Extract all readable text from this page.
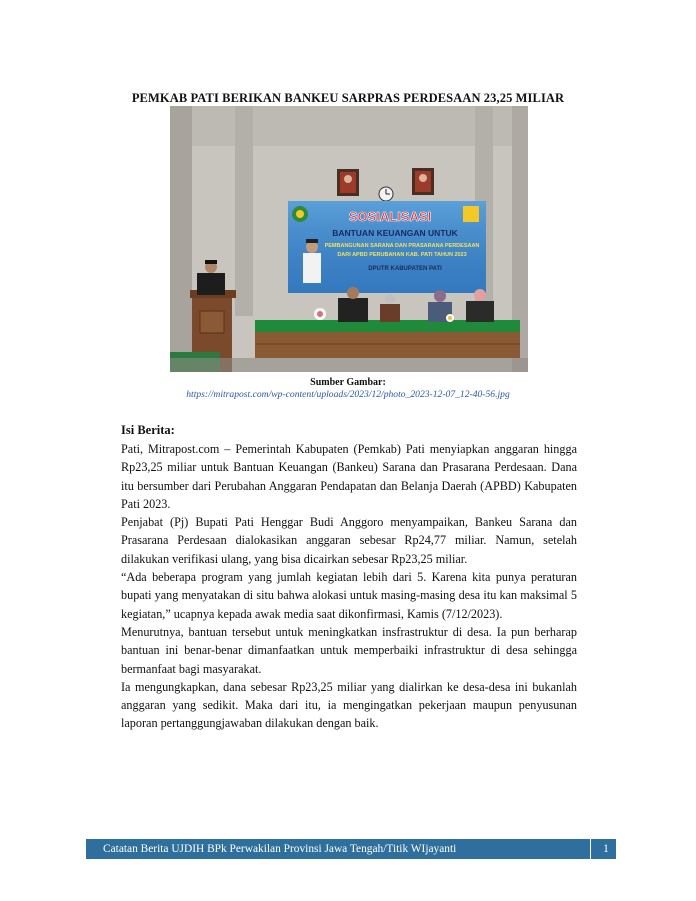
PEMKAB PATI BERIKAN BANKEU SARPRAS PERDESAAN 23,25 MILIAR
SOSIALISASI
BANTUAN KEUANGAN UNTUK
PEMBANGUNAN SARANA DAN PRASARANA PERDESAAN
DARI APBD PERUBAHAN KAB. PATI TAHUN 2023
DPUTR KABUPATEN PATI
Sumber Gambar:
https://mitrapost.com/wp-content/uploads/2023/12/photo_2023-12-07_12-40-56.jpg
Isi Berita:

Pati, Mitrapost.com – Pemerintah Kabupaten (Pemkab) Pati menyiapkan anggaran hingga Rp23,25 miliar untuk Bantuan Keuangan (Bankeu) Sarana dan Prasarana Perdesaan. Dana itu bersumber dari Perubahan Anggaran Pendapatan dan Belanja Daerah (APBD) Kabupaten Pati 2023.

Penjabat (Pj) Bupati Pati Henggar Budi Anggoro menyampaikan, Bankeu Sarana dan Prasarana Perdesaan dialokasikan anggaran sebesar Rp24,77 miliar. Namun, setelah dilakukan verifikasi ulang, yang bisa dicairkan sebesar Rp23,25 miliar.

“Ada beberapa program yang jumlah kegiatan lebih dari 5. Karena kita punya peraturan bupati yang menyatakan di situ bahwa alokasi untuk masing-masing desa itu kan maksimal 5 kegiatan,” ucapnya kepada awak media saat dikonfirmasi, Kamis (7/12/2023).

Menurutnya, bantuan tersebut untuk meningkatkan insfrastruktur di desa. Ia pun berharap bantuan ini benar-benar dimanfaatkan untuk memperbaiki infrastruktur di desa sehingga bermanfaat bagi masyarakat.

Ia mengungkapkan, dana sebesar Rp23,25 miliar yang dialirkan ke desa-desa ini bukanlah anggaran yang sedikit. Maka dari itu, ia mengingatkan pekerjaan maupun penyusunan laporan pertanggungjawaban dilakukan dengan baik.

Catatan Berita UJDIH BPk Perwakilan Provinsi Jawa Tengah/Titik WIjayanti	1
